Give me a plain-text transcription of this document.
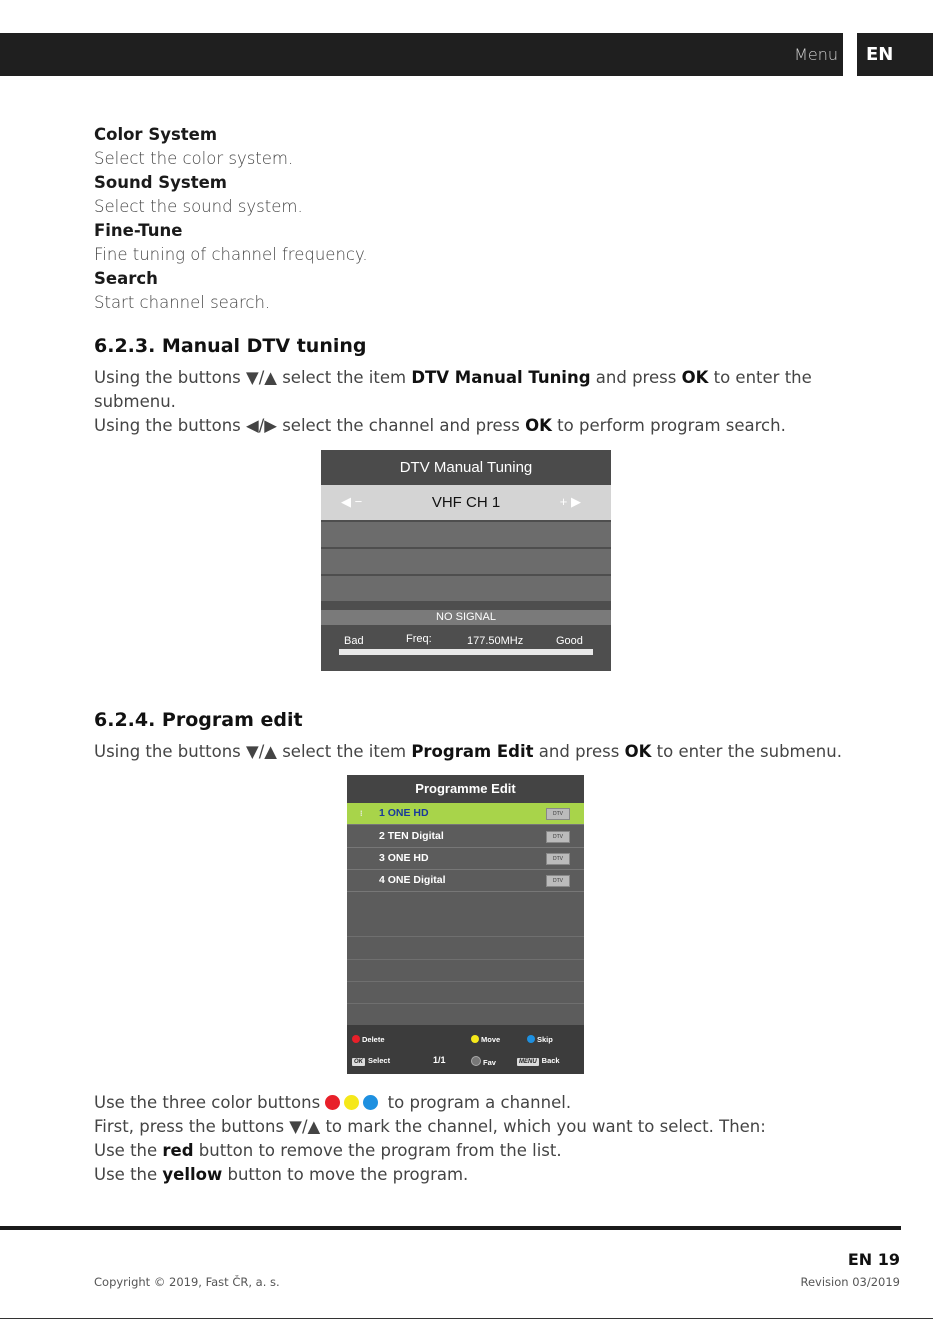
Menu EN
Color System
Select the color system.
Sound System
Select the sound system.
Fine-Tune
Fine tuning of channel frequency.
Search
Start channel search.
6.2.3. Manual DTV tuning
Using the buttons ▼/▲ select the item DTV Manual Tuning and press OK to enter the submenu.
Using the buttons ◀/▶ select the channel and press OK to perform program search.
DTV Manual Tuning
◀ −	VHF CH 1	+ ▶
NO SIGNAL
Bad	Freq:	177.50MHz	Good
6.2.4. Program edit
Using the buttons ▼/▲ select the item Program Edit and press OK to enter the submenu.
Programme Edit
⁝ 1 ONE HD	DTV
2 TEN Digital	DTV
3 ONE HD	DTV
4 ONE Digital	DTV
Delete	Move	Skip
OK Select	1/1	Fav	MENU Back
Use the three color buttons	to program a channel.
First, press the buttons ▼/▲ to mark the channel, which you want to select. Then:
Use the red button to remove the program from the list.
Use the yellow button to move the program.
EN 19
Copyright © 2019, Fast ČR, a. s.	Revision 03/2019
